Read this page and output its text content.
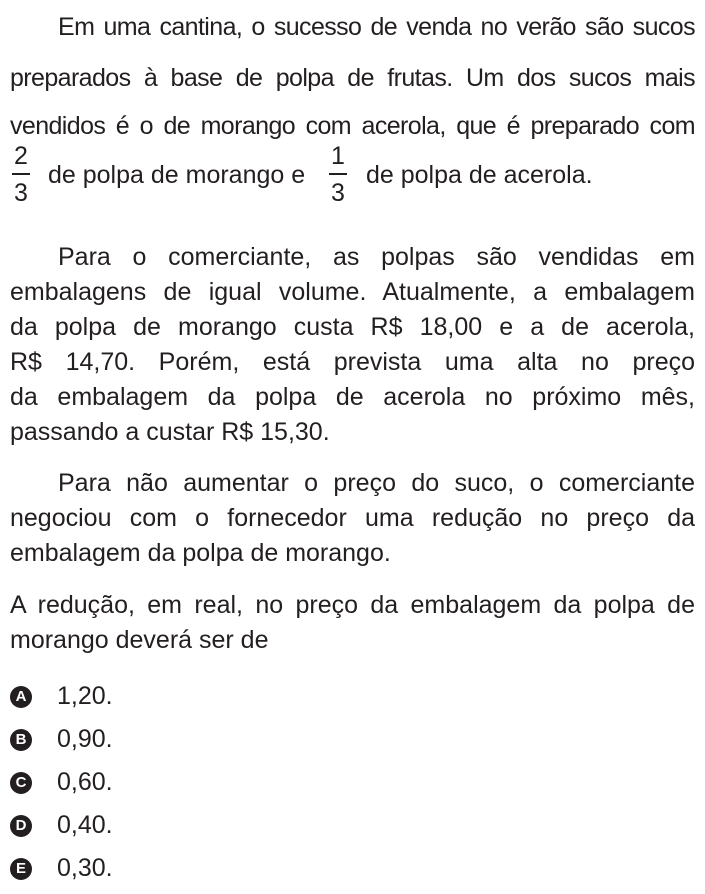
Em uma cantina, o sucesso de venda no verão são sucos
preparados à base de polpa de frutas. Um dos sucos mais
vendidos é o de morango com acerola, que é preparado com
2
3
de polpa de morango e
1
3
de polpa de acerola.
Para o comerciante, as polpas são vendidas em
embalagens de igual volume. Atualmente, a embalagem
da polpa de morango custa R$ 18,00 e a de acerola,
R$ 14,70. Porém, está prevista uma alta no preço
da embalagem da polpa de acerola no próximo mês,
passando a custar R$ 15,30.
Para não aumentar o preço do suco, o comerciante
negociou com o fornecedor uma redução no preço da
embalagem da polpa de morango.
A redução, em real, no preço da embalagem da polpa de
morango deverá ser de
A 1,20.
B 0,90.
C 0,60.
D 0,40.
E 0,30.
